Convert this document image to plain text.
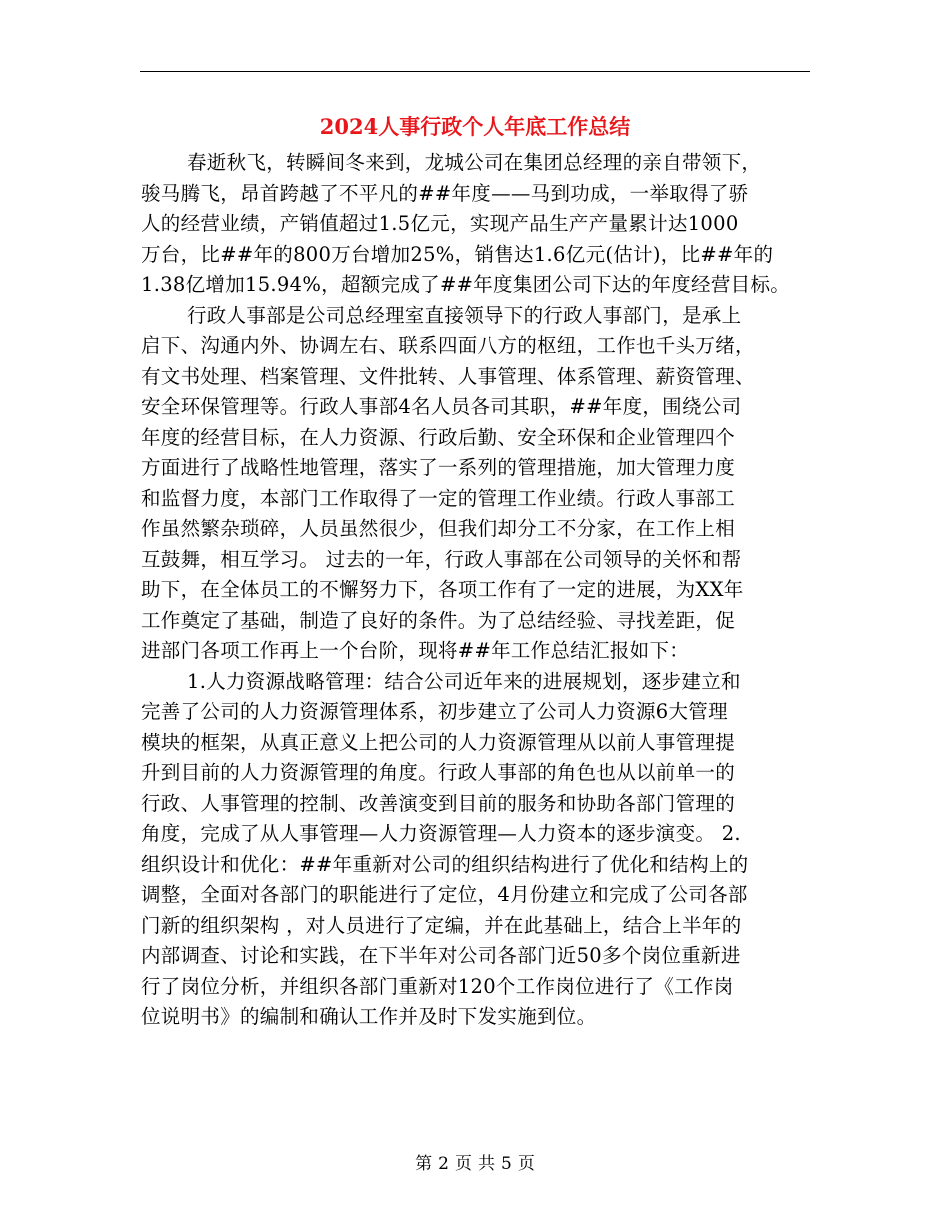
2024人事行政个人年底工作总结
春逝秋飞，转瞬间冬来到，龙城公司在集团总经理的亲自带领下，
骏马腾飞，昂首跨越了不平凡的##年度——马到功成，一举取得了骄
人的经营业绩，产销值超过1.5亿元，实现产品生产产量累计达1000
万台，比##年的800万台增加25%，销售达1.6亿元(估计)，比##年的
1.38亿增加15.94%，超额完成了##年度集团公司下达的年度经营目标。
行政人事部是公司总经理室直接领导下的行政人事部门，是承上
启下、沟通内外、协调左右、联系四面八方的枢纽，工作也千头万绪，
有文书处理、档案管理、文件批转、人事管理、体系管理、薪资管理、
安全环保管理等。行政人事部4名人员各司其职，##年度，围绕公司
年度的经营目标，在人力资源、行政后勤、安全环保和企业管理四个
方面进行了战略性地管理，落实了一系列的管理措施，加大管理力度
和监督力度，本部门工作取得了一定的管理工作业绩。行政人事部工
作虽然繁杂琐碎，人员虽然很少，但我们却分工不分家，在工作上相
互鼓舞，相互学习。 过去的一年，行政人事部在公司领导的关怀和帮
助下，在全体员工的不懈努力下，各项工作有了一定的进展，为XX年
工作奠定了基础，制造了良好的条件。为了总结经验、寻找差距，促
进部门各项工作再上一个台阶，现将##年工作总结汇报如下：
1.人力资源战略管理：结合公司近年来的进展规划，逐步建立和
完善了公司的人力资源管理体系，初步建立了公司人力资源6大管理
模块的框架，从真正意义上把公司的人力资源管理从以前人事管理提
升到目前的人力资源管理的角度。行政人事部的角色也从以前单一的
行政、人事管理的控制、改善演变到目前的服务和协助各部门管理的
角度，完成了从人事管理—人力资源管理—人力资本的逐步演变。 2.
组织设计和优化：##年重新对公司的组织结构进行了优化和结构上的
调整，全面对各部门的职能进行了定位，4月份建立和完成了公司各部
门新的组织架构 ，对人员进行了定编，并在此基础上，结合上半年的
内部调查、讨论和实践，在下半年对公司各部门近50多个岗位重新进
行了岗位分析，并组织各部门重新对120个工作岗位进行了《工作岗
位说明书》的编制和确认工作并及时下发实施到位。
第 2 页 共 5 页
